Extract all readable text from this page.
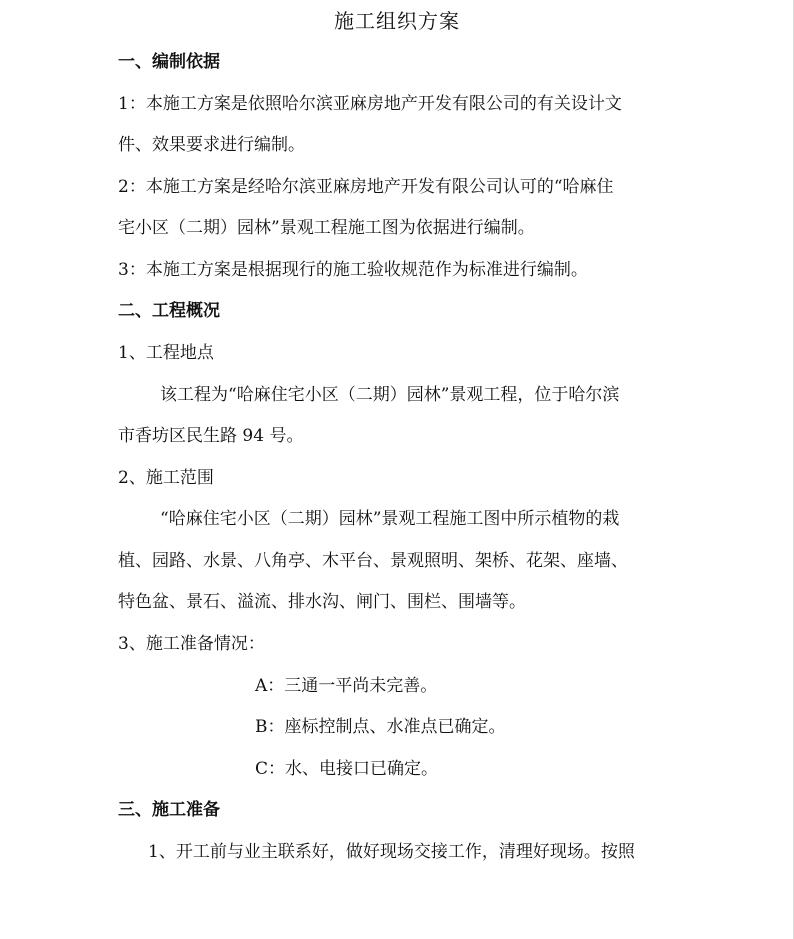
施工组织方案
一、编制依据
1：本施工方案是依照哈尔滨亚麻房地产开发有限公司的有关设计文
件、效果要求进行编制。
2：本施工方案是经哈尔滨亚麻房地产开发有限公司认可的“哈麻住
宅小区（二期）园林”景观工程施工图为依据进行编制。
3：本施工方案是根据现行的施工验收规范作为标准进行编制。
二、工程概况
1、工程地点
该工程为“哈麻住宅小区（二期）园林”景观工程，位于哈尔滨
市香坊区民生路 94 号。
2、施工范围
“哈麻住宅小区（二期）园林”景观工程施工图中所示植物的栽
植、园路、水景、八角亭、木平台、景观照明、架桥、花架、座墙、
特色盆、景石、溢流、排水沟、闸门、围栏、围墙等。
3、施工准备情况：
A：三通一平尚未完善。
B：座标控制点、水准点已确定。
C：水、电接口已确定。
三、施工准备
1、开工前与业主联系好，做好现场交接工作，清理好现场。按照
